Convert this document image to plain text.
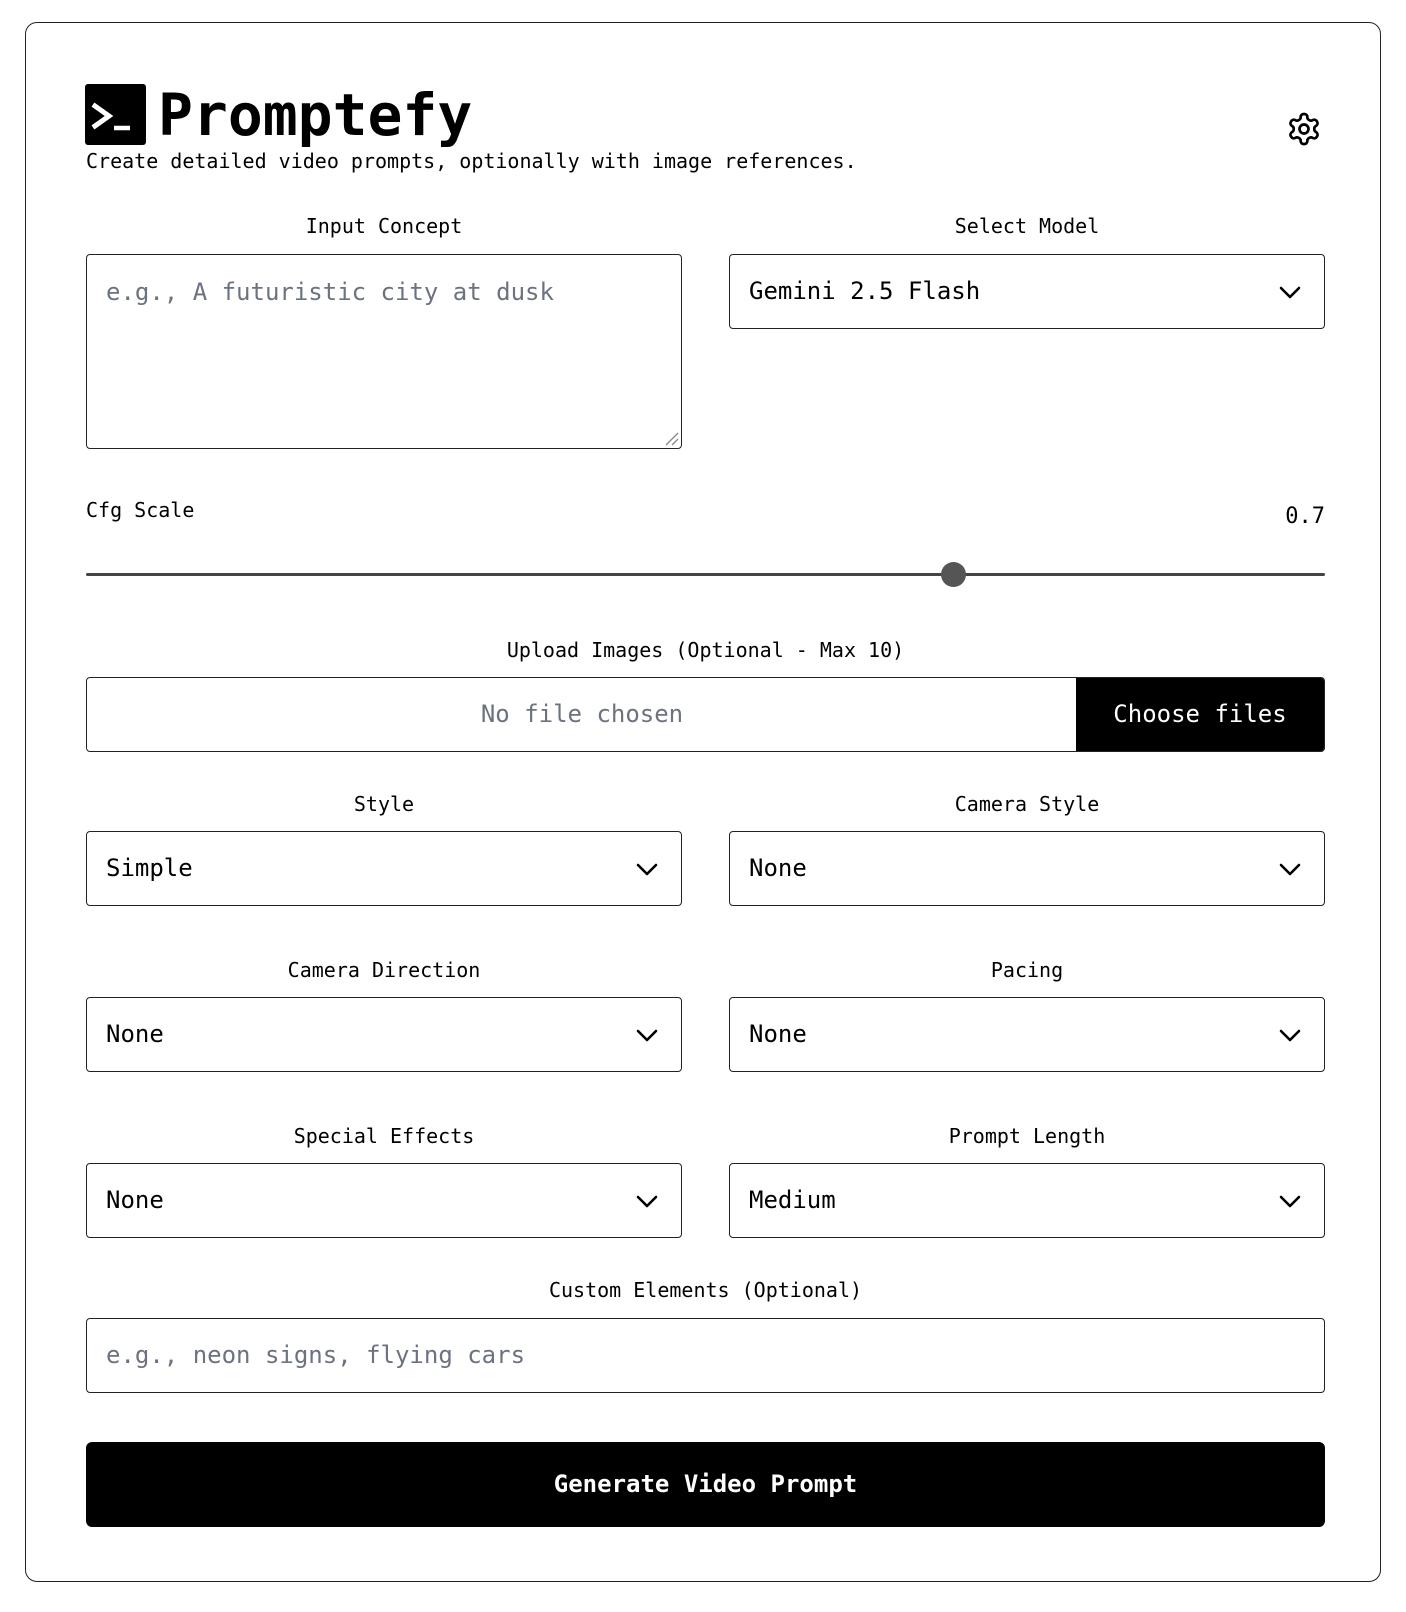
Promptefy
Create detailed video prompts, optionally with image references.
Input Concept
e.g., A futuristic city at dusk
Select Model
Gemini 2.5 Flash
Cfg Scale	0.7
Upload Images (Optional - Max 10)
No file chosen	Choose files
Style
Simple
Camera Style
None
Camera Direction
None
Pacing
None
Special Effects
None
Prompt Length
Medium
Custom Elements (Optional)
e.g., neon signs, flying cars
Generate Video Prompt
